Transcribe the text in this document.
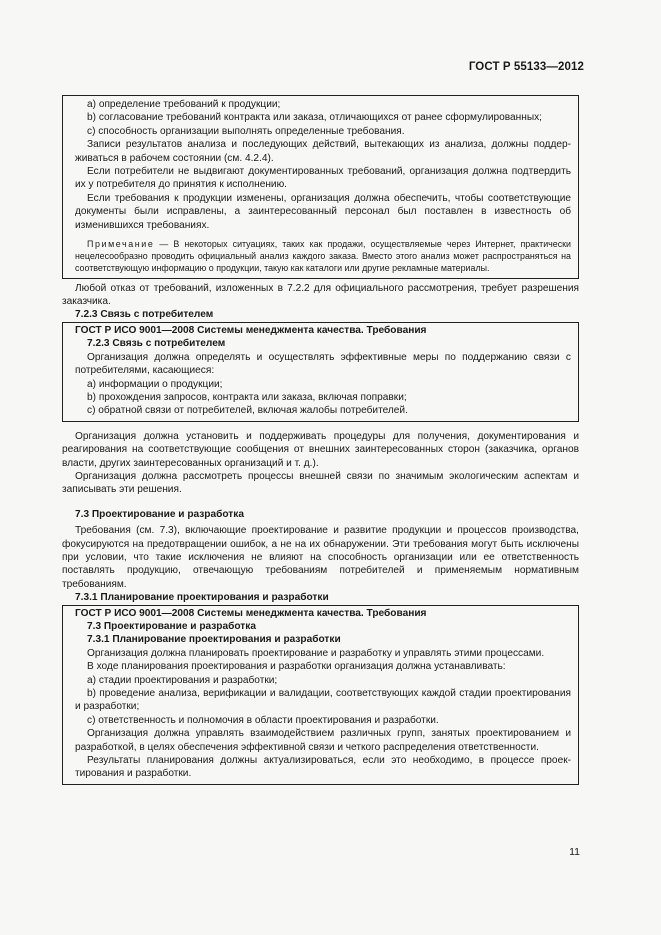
ГОСТ Р 55133—2012

а) определение требований к продукции;

b) согласование требований контракта или заказа, отличающихся от ранее сформулированных;

с) способность организации выполнять определенные требования.

Записи результатов анализа и последующих действий, вытекающих из анализа, должны поддерживаться в рабочем состоянии (см. 4.2.4).

Если потребители не выдвигают документированных требований, организация должна подтвердить их у потребителя до принятия к исполнению.

Если требования к продукции изменены, организация должна обеспечить, чтобы соответствующие документы были исправлены, а заинтересованный персонал был поставлен в известность об изменившихся требованиях.

Примечание — В некоторых ситуациях, таких как продажи, осуществляемые через Интернет, практически нецелесообразно проводить официальный анализ каждого заказа. Вместо этого анализ может распространяться на соответствующую информацию о продукции, такую как каталоги или другие рекламные материалы.

Любой отказ от требований, изложенных в 7.2.2 для официального рассмотрения, требует разрешения заказчика.

7.2.3 Связь с потребителем

ГОСТ Р ИСО 9001—2008 Системы менеджмента качества. Требования

7.2.3 Связь с потребителем

Организация должна определять и осуществлять эффективные меры по поддержанию связи с потребителями, касающиеся:

а) информации о продукции;

b) прохождения запросов, контракта или заказа, включая поправки;

с) обратной связи от потребителей, включая жалобы потребителей.

Организация должна установить и поддерживать процедуры для получения, документирования и реагирования на соответствующие сообщения от внешних заинтересованных сторон (заказчика, органов власти, других заинтересованных организаций и т. д.).

Организация должна рассмотреть процессы внешней связи по значимым экологическим аспектам и записывать эти решения.

7.3 Проектирование и разработка

Требования (см. 7.3), включающие проектирование и развитие продукции и процессов производства, фокусируются на предотвращении ошибок, а не на их обнаружении. Эти требования могут быть исключены при условии, что такие исключения не влияют на способность организации или ее ответственность поставлять продукцию, отвечающую требованиям потребителей и применяемым нормативным требованиям.

7.3.1 Планирование проектирования и разработки

ГОСТ Р ИСО 9001—2008 Системы менеджмента качества. Требования

7.3 Проектирование и разработка

7.3.1 Планирование проектирования и разработки

Организация должна планировать проектирование и разработку и управлять этими процессами.

В ходе планирования проектирования и разработки организация должна устанавливать:

а) стадии проектирования и разработки;

b) проведение анализа, верификации и валидации, соответствующих каждой стадии проектирования и разработки;

с) ответственность и полномочия в области проектирования и разработки.

Организация должна управлять взаимодействием различных групп, занятых проектированием и разработкой, в целях обеспечения эффективной связи и четкого распределения ответственности.

Результаты планирования должны актуализироваться, если это необходимо, в процессе проектирования и разработки.

11
